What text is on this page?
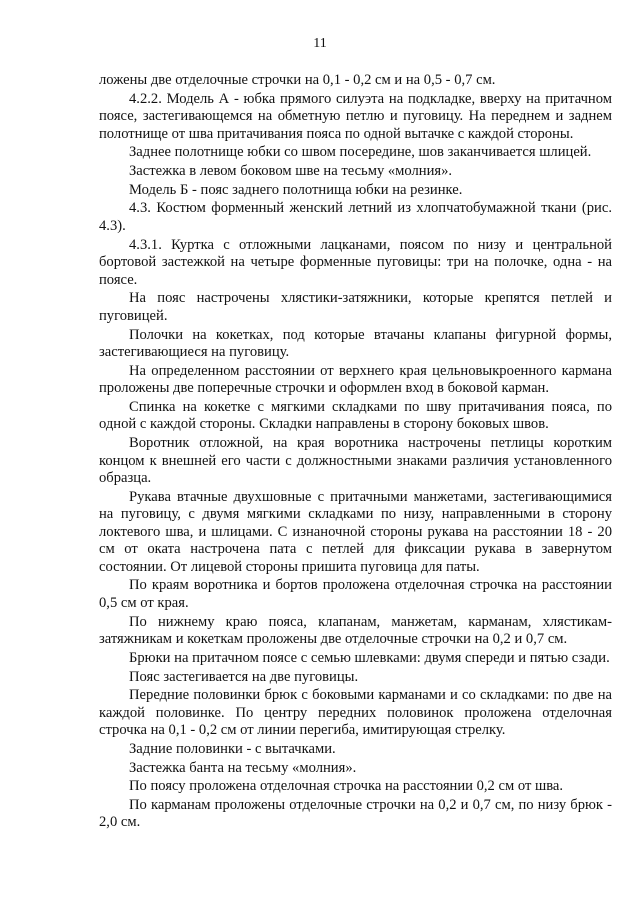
11

ложены две отделочные строчки на 0,1 - 0,2 см и на 0,5 - 0,7 см.

4.2.2. Модель А - юбка прямого силуэта на подкладке, вверху на притачном поясе, застегивающемся на обметную петлю и пуговицу. На переднем и заднем полотнище от шва притачивания пояса по одной вытачке с каждой стороны.

Заднее полотнище юбки со швом посередине, шов заканчивается шлицей.

Застежка в левом боковом шве на тесьму «молния».

Модель Б - пояс заднего полотнища юбки на резинке.

4.3. Костюм форменный женский летний из хлопчатобумажной ткани (рис. 4.3).

4.3.1. Куртка с отложными лацканами, поясом по низу и центральной бортовой застежкой на четыре форменные пуговицы: три на полочке, одна - на поясе.

На пояс настрочены хлястики-затяжники, которые крепятся петлей и пуговицей.

Полочки на кокетках, под которые втачаны клапаны фигурной формы, застегивающиеся на пуговицу.

На определенном расстоянии от верхнего края цельновыкроенного кармана проложены две поперечные строчки и оформлен вход в боковой карман.

Спинка на кокетке с мягкими складками по шву притачивания пояса, по одной с каждой стороны. Складки направлены в сторону боковых швов.

Воротник отложной, на края воротника настрочены петлицы коротким концом к внешней его части с должностными знаками различия установленного образца.

Рукава втачные двухшовные с притачными манжетами, застегивающимися на пуговицу, с двумя мягкими складками по низу, направленными в сторону локтевого шва, и шлицами. С изнаночной стороны рукава на расстоянии 18 - 20 см от оката настрочена пата с петлей для фиксации рукава в завернутом состоянии. От лицевой стороны пришита пуговица для паты.

По краям воротника и бортов проложена отделочная строчка на расстоянии 0,5 см от края.

По нижнему краю пояса, клапанам, манжетам, карманам, хлястикам-затяжникам и кокеткам проложены две отделочные строчки на 0,2 и 0,7 см.

Брюки на притачном поясе с семью шлевками: двумя спереди и пятью сзади.

Пояс застегивается на две пуговицы.

Передние половинки брюк с боковыми карманами и со складками: по две на каждой половинке. По центру передних половинок проложена отделочная строчка на 0,1 - 0,2 см от линии перегиба, имитирующая стрелку.

Задние половинки - с вытачками.

Застежка банта на тесьму «молния».

По поясу проложена отделочная строчка на расстоянии 0,2 см от шва.

По карманам проложены отделочные строчки на 0,2 и 0,7 см, по низу брюк - 2,0 см.
